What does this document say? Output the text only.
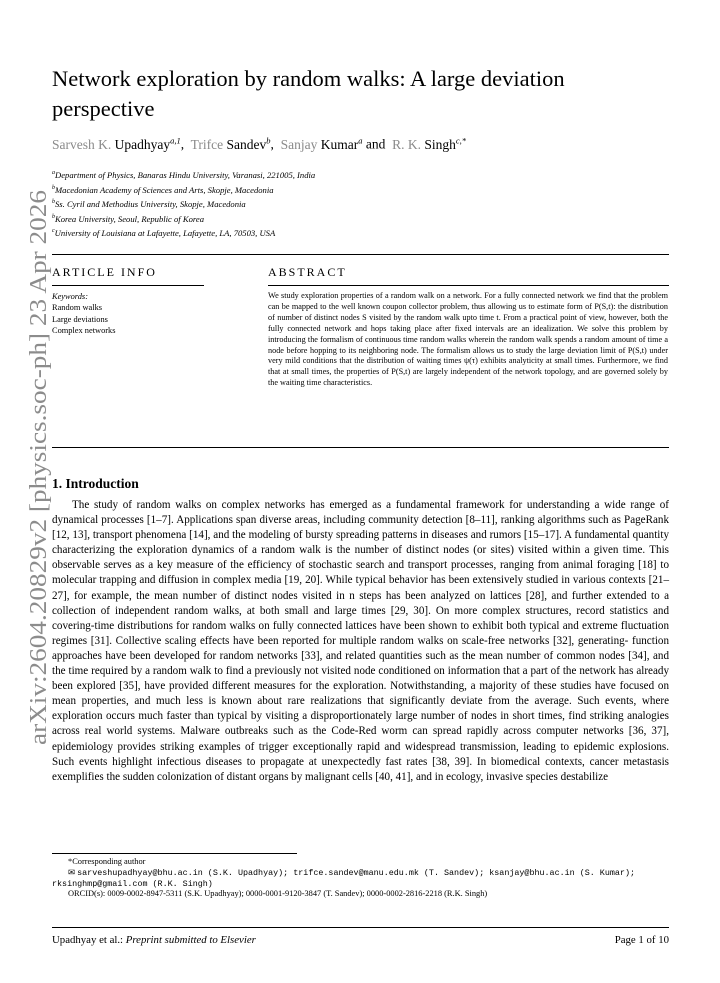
arXiv:2604.20829v2 [physics.soc-ph] 23 Apr 2026
Network exploration by random walks: A large deviation
perspective
Sarvesh K. Upadhyay$^{a,1}$,  Trifce Sandev$^b$,  Sanjay Kumar$^a$ and  R. K. Singh$^{c,*}$
$^a$Department of Physics, Banaras Hindu University, Varanasi, 221005, India
$^b$Macedonian Academy of Sciences and Arts, Skopje, Macedonia
$^b$Ss. Cyril and Methodius University, Skopje, Macedonia
$^b$Korea University, Seoul, Republic of Korea
$^c$University of Louisiana at Lafayette, Lafayette, LA, 70503, USA
ARTICLE INFO	ABSTRACT
Keywords:
Random walks
Large deviations
Complex networks
We study exploration properties of a random walk on a network. For a fully connected network we find that the problem can be mapped to the well known coupon collector problem, thus allowing us to estimate form of P(S,t): the distribution of number of distinct nodes S visited by the random walk upto time t. From a practical point of view, however, both the fully connected network and hops taking place after fixed intervals are an idealization. We solve this problem by introducing the formalism of continuous time random walks wherein the random walk spends a random amount of time a node before hopping to its neighboring node. The formalism allows us to study the large deviation limit of P(S,t) under very mild conditions that the distribution of waiting times ψ(τ) exhibits analyticity at small times. Furthermore, we find that at small times, the properties of P(S,t) are largely independent of the network topology, and are governed solely by the waiting time characteristics.
1. Introduction

The study of random walks on complex networks has emerged as a fundamental framework for understanding a wide range of dynamical processes [1–7]. Applications span diverse areas, including community detection [8–11], ranking algorithms such as PageRank [12, 13], transport phenomena [14], and the modeling of bursty spreading patterns in diseases and rumors [15–17]. A fundamental quantity characterizing the exploration dynamics of a random walk is the number of distinct nodes (or sites) visited within a given time. This observable serves as a key measure of the efficiency of stochastic search and transport processes, ranging from animal foraging [18] to molecular trapping and diffusion in complex media [19, 20]. While typical behavior has been extensively studied in various contexts [21–27], for example, the mean number of distinct nodes visited in n steps has been analyzed on lattices [28], and further extended to a collection of independent random walks, at both small and large times [29, 30]. On more complex structures, record statistics and covering-time distributions for random walks on fully connected lattices have been shown to exhibit both typical and extreme fluctuation regimes [31]. Collective scaling effects have been reported for multiple random walks on scale-free networks [32], generating- function approaches have been developed for random networks [33], and related quantities such as the mean number of common nodes [34], and the time required by a random walk to find a previously not visited node conditioned on information that a part of the network has already been explored [35], have provided different measures for the exploration. Notwithstanding, a majority of these studies have focused on mean properties, and much less is known about rare realizations that significantly deviate from the average. Such events, where exploration occurs much faster than typical by visiting a disproportionately large number of nodes in short times, find striking analogies across real world systems. Malware outbreaks such as the Code-Red worm can spread rapidly across computer networks [36, 37], epidemiology provides striking examples of trigger exceptionally rapid and widespread transmission, leading to epidemic explosions. Such events highlight infectious diseases to propagate at unexpectedly fast rates [38, 39]. In biomedical contexts, cancer metastasis exemplifies the sudden colonization of distant organs by malignant cells [40, 41], and in ecology, invasive species destabilize

*Corresponding author
✉ sarveshupadhyay@bhu.ac.in (S.K. Upadhyay); trifce.sandev@manu.edu.mk (T. Sandev); ksanjay@bhu.ac.in (S. Kumar); rksinghmp@gmail.com (R.K. Singh)
ORCID(s): 0009-0002-8947-5311 (S.K. Upadhyay); 0000-0001-9120-3847 (T. Sandev); 0000-0002-2816-2218 (R.K. Singh)
Upadhyay et al.: Preprint submitted to Elsevier	Page 1 of 10
